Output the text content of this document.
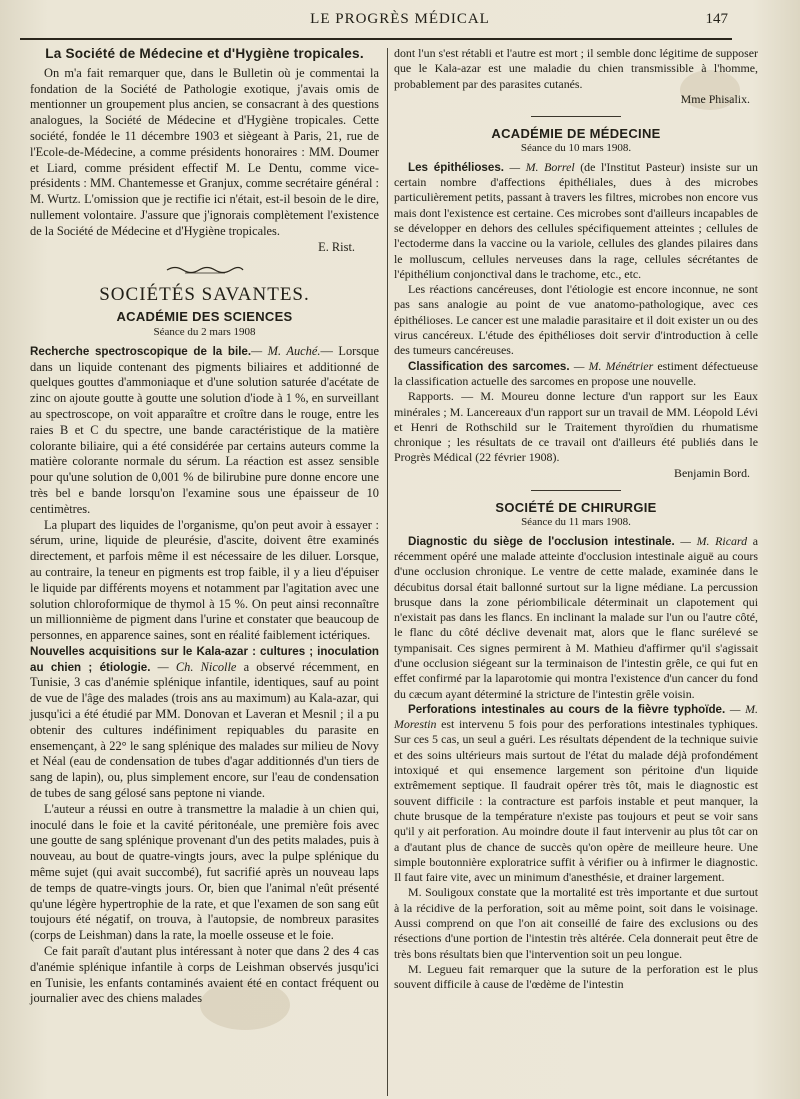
LE PROGRÈS MÉDICAL	147
La Société de Médecine et d'Hygiène tropicales.

On m'a fait remarquer que, dans le Bulletin où je commentai la fondation de la Société de Pathologie exotique, j'avais omis de mentionner un groupement plus ancien, se consacrant à des questions analogues, la Société de Médecine et d'Hygiène tropicales. Cette société, fondée le 11 décembre 1903 et siègeant à Paris, 21, rue de l'Ecole-de-Médecine, a comme présidents honoraires : MM. Doumer et Liard, comme président effectif M. Le Dentu, comme vice-présidents : MM. Chantemesse et Granjux, comme secrétaire général : M. Wurtz. L'omission que je rectifie ici n'était, est-il besoin de le dire, nullement volontaire. J'assure que j'ignorais complètement l'existence de la Société de Médecine et d'Hygiène tropicales.

E. Rist.

SOCIÉTÉS SAVANTES.
ACADÉMIE DES SCIENCES
Séance du 2 mars 1908

Recherche spectroscopique de la bile.— M. Auché.— Lorsque dans un liquide contenant des pigments biliaires et additionné de quelques gouttes d'ammoniaque et d'une solution saturée d'acétate de zinc on ajoute goutte à goutte une solution d'iode à 1 %, en surveillant au spectroscope, on voit apparaître et croître dans le rouge, entre les raies B et C du spectre, une bande caractéristique de la matière colorante biliaire, qui a été considérée par certains auteurs comme la matière colorante normale du sérum. La réaction est assez sensible pour qu'une solution de 0,001 % de bilirubine pure donne encore une très bel e bande lorsqu'on l'examine sous une épaisseur de 10 centimètres.

La plupart des liquides de l'organisme, qu'on peut avoir à essayer : sérum, urine, liquide de pleurésie, d'ascite, doivent être examinés directement, et parfois même il est nécessaire de les diluer. Lorsque, au contraire, la teneur en pigments est trop faible, il y a lieu d'épuiser le liquide par différents moyens et notamment par l'agitation avec une solution chloroformique de thymol à 15 %. On peut ainsi reconnaître un millionnième de pigment dans l'urine et constater que beaucoup de personnes, en apparence saines, sont en réalité faiblement ictériques.

Nouvelles acquisitions sur le Kala-azar : cultures ; inoculation au chien ; étiologie. — Ch. Nicolle a observé récemment, en Tunisie, 3 cas d'anémie splénique infantile, identiques, sauf au point de vue de l'âge des malades (trois ans au maximum) au Kala-azar, qui jusqu'ici a été étudié par MM. Donovan et Laveran et Mesnil ; il a pu obtenir des cultures indéfiniment repiquables du parasite en ensemençant, à 22° le sang splénique des malades sur milieu de Novy et Néal (eau de condensation de tubes d'agar additionnés d'un tiers de sang de lapin), ou, plus simplement encore, sur l'eau de condensation de tubes de sang gélosé sans peptone ni viande.

L'auteur a réussi en outre à transmettre la maladie à un chien qui, inoculé dans le foie et la cavité péritonéale, une première fois avec une goutte de sang splénique provenant d'un des petits malades, puis à nouveau, au bout de quatre-vingts jours, avec la pulpe splénique du même sujet (qui avait succombé), fut sacrifié après un nouveau laps de temps de quatre-vingts jours. Or, bien que l'animal n'eût présenté qu'une légère hypertrophie de la rate, et que l'examen de son sang eût toujours été négatif, on trouva, à l'autopsie, de nombreux parasites (corps de Leishman) dans la rate, la moelle osseuse et le foie.

Ce fait paraît d'autant plus intéressant à noter que dans 2 des 4 cas d'anémie splénique infantile à corps de Leishman observés jusqu'ici en Tunisie, les enfants contaminés avaient été en contact fréquent ou journalier avec des chiens malades

dont l'un s'est rétabli et l'autre est mort ; il semble donc légitime de supposer que le Kala-azar est une maladie du chien transmissible à l'homme, probablement par des parasites cutanés.

Mme Phisalix.

ACADÉMIE DE MÉDECINE
Séance du 10 mars 1908.

Les épithélioses. — M. Borrel (de l'Institut Pasteur) insiste sur un certain nombre d'affections épithéliales, dues à des microbes particulièrement petits, passant à travers les filtres, microbes non encore vus mais dont l'existence est certaine. Ces microbes sont d'ailleurs incapables de se développer en dehors des cellules spécifiquement atteintes ; cellules de l'ectoderme dans la vaccine ou la variole, cellules des glandes pilaires dans le molluscum, cellules nerveuses dans la rage, cellules sécrétantes de l'épithélium conjonctival dans le trachome, etc., etc.

Les réactions cancéreuses, dont l'étiologie est encore inconnue, ne sont pas sans analogie au point de vue anatomo-pathologique, avec ces épithélioses. Le cancer est une maladie parasitaire et il doit exister un ou des virus cancéreux. L'étude des épithélioses doit servir d'introduction à celle des tumeurs cancéreuses.

Classification des sarcomes. — M. Ménétrier estiment défectueuse la classification actuelle des sarcomes en propose une nouvelle.

Rapports. — M. Moureu donne lecture d'un rapport sur les Eaux minérales ; M. Lancereaux d'un rapport sur un travail de MM. Léopold Lévi et Henri de Rothschild sur le Traitement thyroïdien du rhumatisme chronique ; les résultats de ce travail ont d'ailleurs été publiés dans le Progrès Médical (22 février 1908).

Benjamin Bord.

SOCIÉTÉ DE CHIRURGIE
Séance du 11 mars 1908.

Diagnostic du siège de l'occlusion intestinale. — M. Ricard a récemment opéré une malade atteinte d'occlusion intestinale aiguë au cours d'une occlusion chronique. Le ventre de cette malade, examinée dans le décubitus dorsal était ballonné surtout sur la ligne médiane. La percussion brusque dans la zone périombilicale déterminait un clapotement qui n'existait pas dans les flancs. En inclinant la malade sur l'un ou l'autre côté, le flanc du côté déclive devenait mat, alors que le flanc surélevé se tympanisait. Ces signes permirent à M. Mathieu d'affirmer qu'il s'agissait d'une occlusion siégeant sur la terminaison de l'intestin grêle, ce qui fut en effet confirmé par la laparotomie qui montra l'existence d'un cancer du fond du cæcum ayant déterminé la stricture de l'intestin grêle voisin.

Perforations intestinales au cours de la fièvre typhoïde. — M. Morestin est intervenu 5 fois pour des perforations intestinales typhiques. Sur ces 5 cas, un seul a guéri. Les résultats dépendent de la technique suivie et des soins ultérieurs mais surtout de l'état du malade déjà profondément intoxiqué et qui ensemence largement son péritoine d'un liquide extrêmement septique. Il faudrait opérer très tôt, mais le diagnostic est souvent difficile : la contracture est parfois instable et peut manquer, la chute brusque de la température n'existe pas toujours et peut se voir sans qu'il y ait perforation. Au moindre doute il faut intervenir au plus tôt car on a d'autant plus de chance de succès qu'on opère de meilleure heure. Une simple boutonnière exploratrice suffit à vérifier ou à infirmer le diagnostic. Il faut faire vite, avec un minimum d'anesthésie, et drainer largement.

M. Souligoux constate que la mortalité est très importante et due surtout à la récidive de la perforation, soit au même point, soit dans le voisinage. Aussi comprend on que l'on ait conseillé de faire des exclusions ou des résections d'une portion de l'intestin très altérée. Cela donnerait peut être de très bons résultats bien que l'intervention soit un peu longue.

M. Legueu fait remarquer que la suture de la perforation est le plus souvent difficile à cause de l'œdème de l'intestin
